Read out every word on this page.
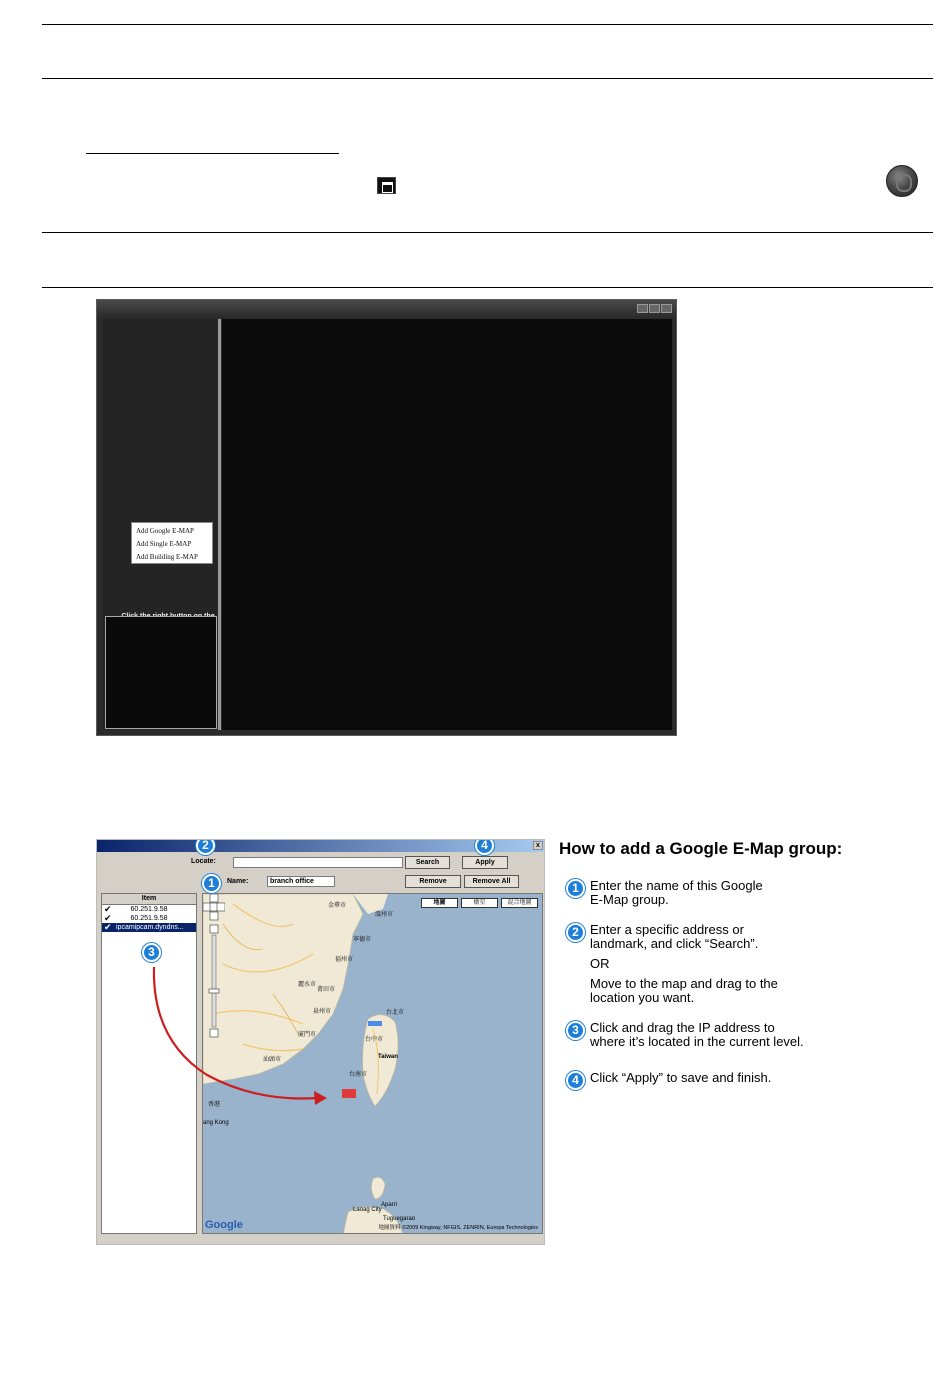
Add Google E-MAP
Add Single E-MAP
Add Building E-MAP
x
Locate:	Search	Apply
Name:	branch office	Remove	Remove All
Item
✔	60.251.9.58
✔	60.251.9.58
✔ ipcamipcam.dyndns...
地圖	衛星	混合地圖
金華市
溫州市
福州市
廈門市
泉州市
寧德市
台北市
台中市
台南市
Taiwan
麗水市
莆田市
汕頭市
香港
ang Kong
Laoag City
Tuguegarao
Aparri
Google	地圖資料 ©2009 Kingway, NFGIS, ZENRIN, Europa Technologies
2	4
1
3
How to add a Google E-Map group:
1 Enter the name of this Google
E-Map group.
2 Enter a specific address or
landmark, and click “Search”.
OR
Move to the map and drag to the
location you want.
3 Click and drag the IP address to
where it’s located in the current level.
4 Click “Apply” to save and finish.
